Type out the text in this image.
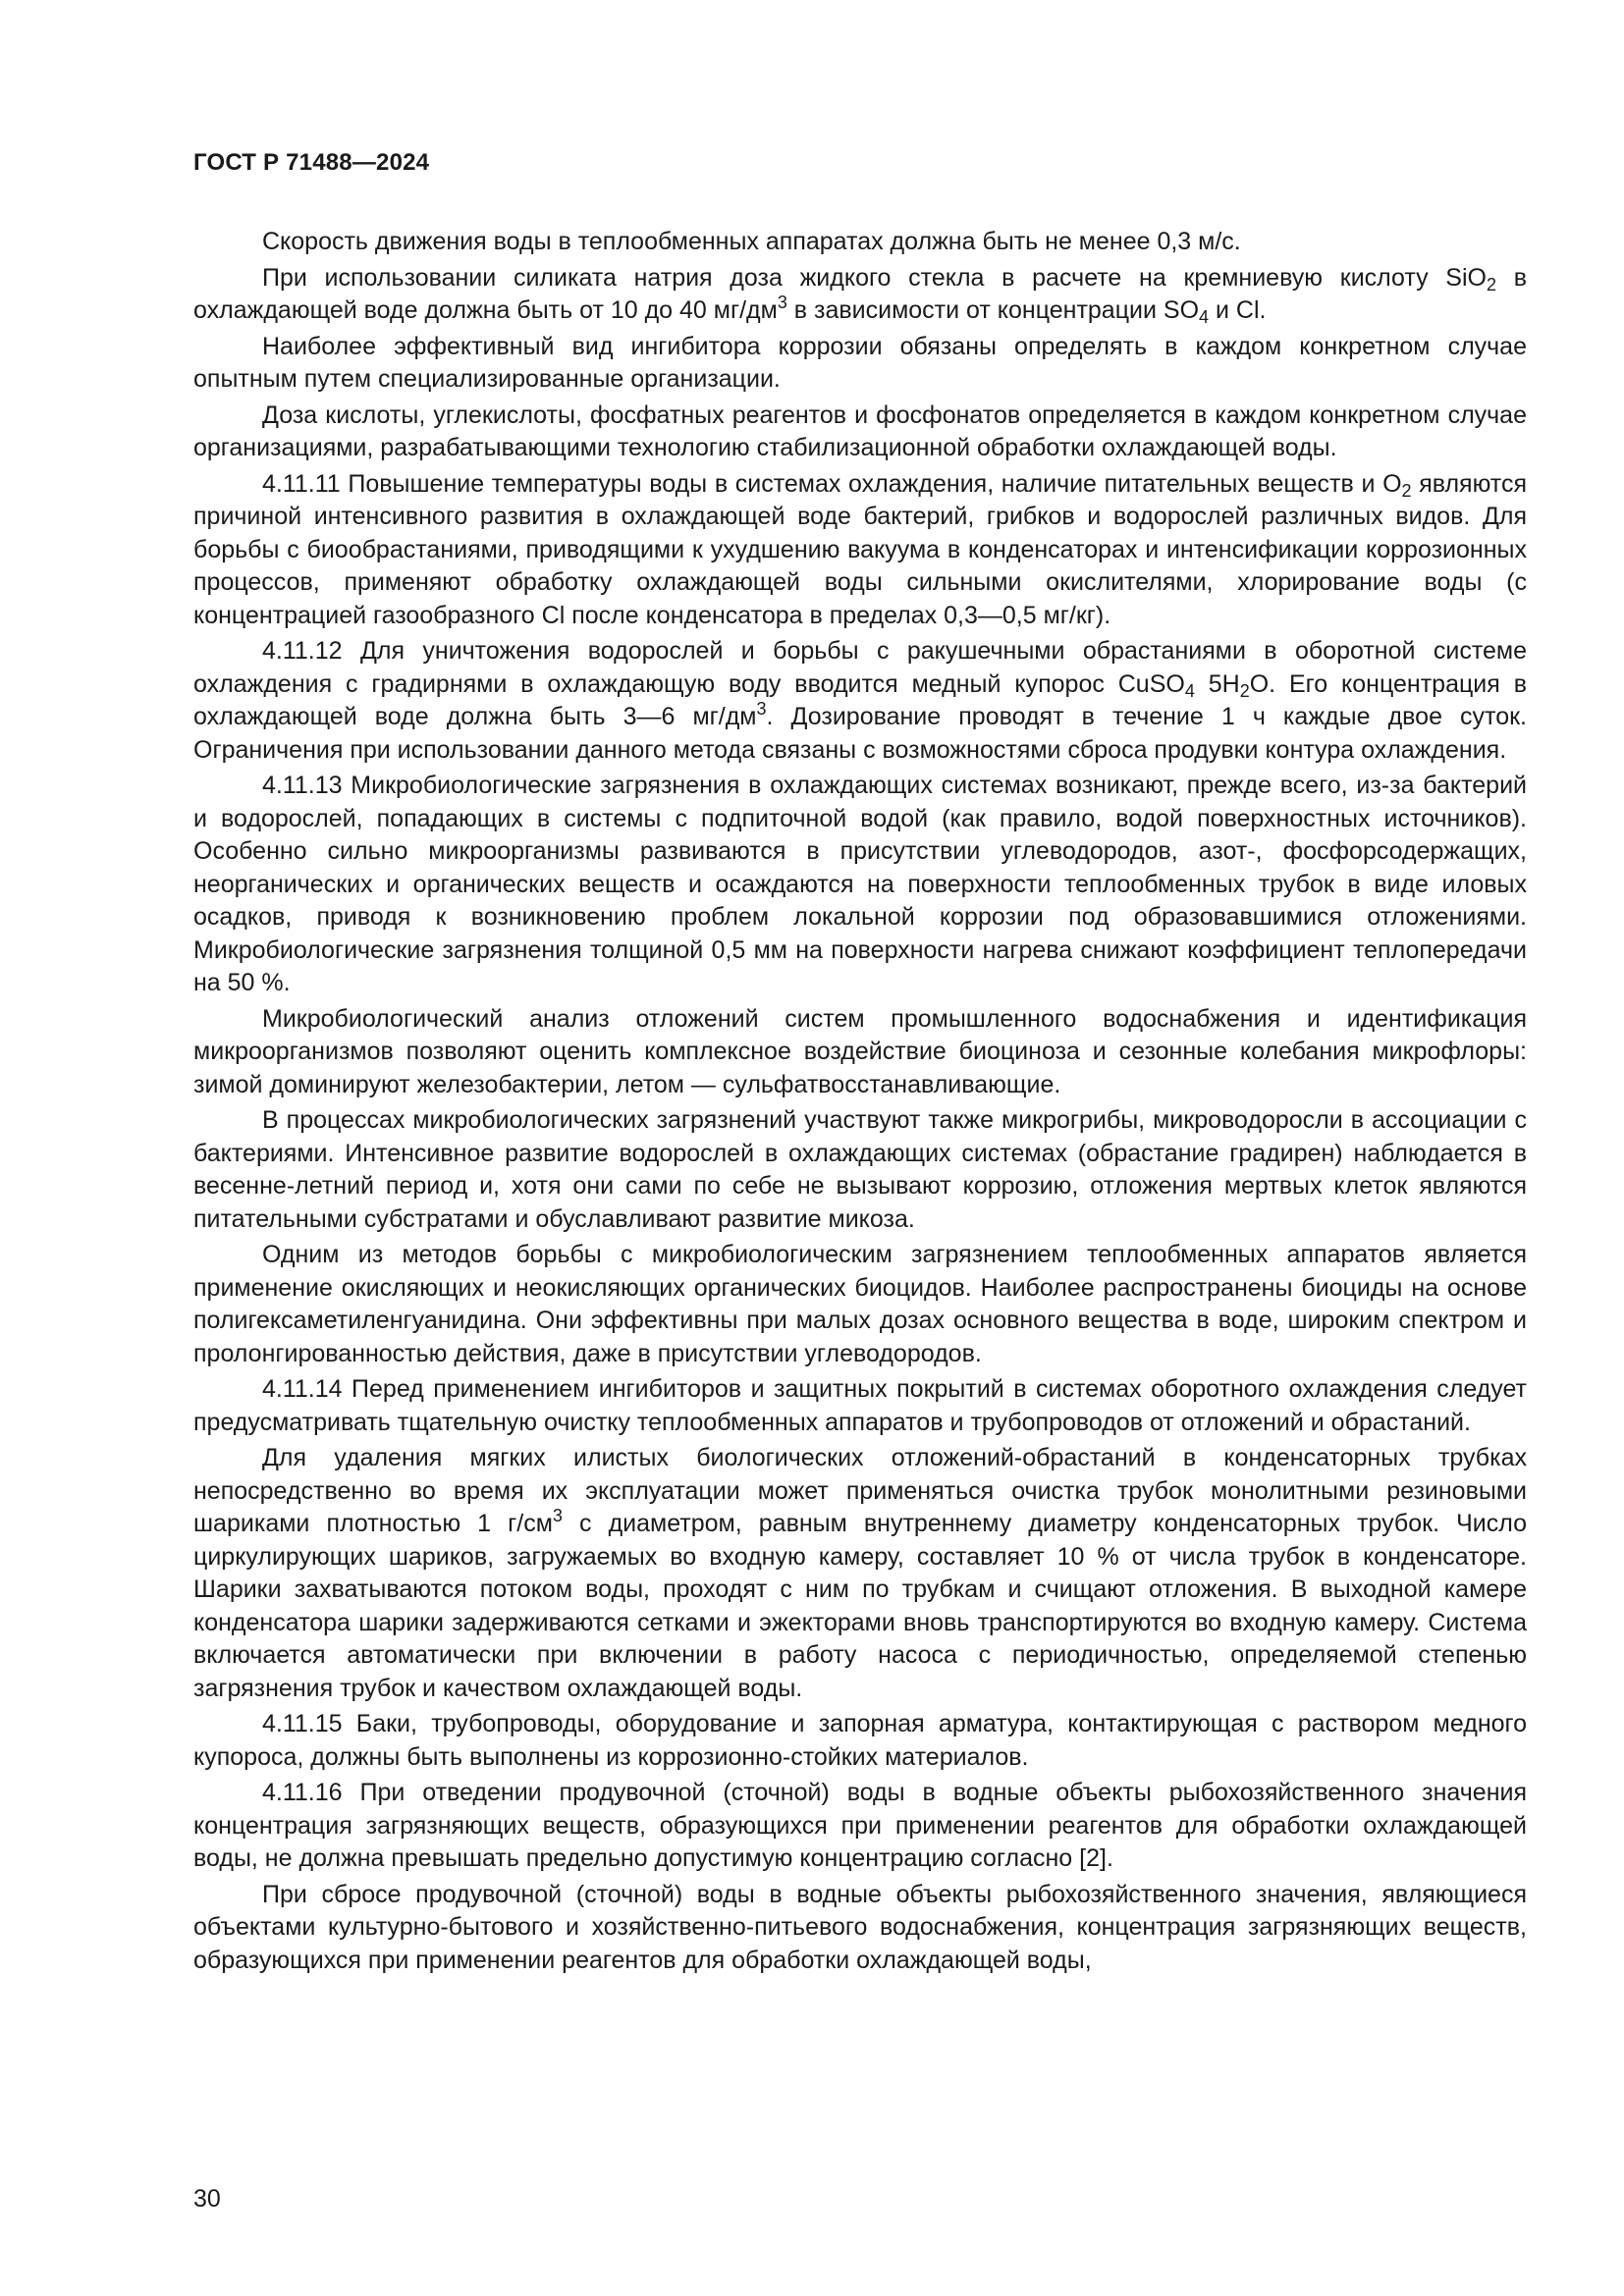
ГОСТ Р 71488—2024

Скорость движения воды в теплообменных аппаратах должна быть не менее 0,3 м/с.

При использовании силиката натрия доза жидкого стекла в расчете на кремниевую кислоту SiO$_2$ в охлаждающей воде должна быть от 10 до 40 $мг/дм^3$ в зависимости от концентрации $SO_4$ и Cl.

Наиболее эффективный вид ингибитора коррозии обязаны определять в каждом конкретном случае опытным путем специализированные организации.

Доза кислоты, углекислоты, фосфатных реагентов и фосфонатов определяется в каждом конкретном случае организациями, разрабатывающими технологию стабилизационной обработки охлаждающей воды.

4.11.11 Повышение температуры воды в системах охлаждения, наличие питательных веществ и $O_2$ являются причиной интенсивного развития в охлаждающей воде бактерий, грибков и водорослей различных видов. Для борьбы с биообрастаниями, приводящими к ухудшению вакуума в конденсаторах и интенсификации коррозионных процессов, применяют обработку охлаждающей воды сильными окислителями, хлорирование воды (с концентрацией газообразного Cl после конденсатора в пределах 0,3—0,5 мг/кг).

4.11.12 Для уничтожения водорослей и борьбы с ракушечными обрастаниями в оборотной системе охлаждения с градирнями в охлаждающую воду вводится медный купорос CuSO$_4$ $5H_2O$. Его концентрация в охлаждающей воде должна быть 3—6 $мг/дм^3$. Дозирование проводят в течение 1 ч каждые двое суток. Ограничения при использовании данного метода связаны с возможностями сброса продувки контура охлаждения.

4.11.13 Микробиологические загрязнения в охлаждающих системах возникают, прежде всего, из-за бактерий и водорослей, попадающих в системы с подпиточной водой (как правило, водой поверхностных источников). Особенно сильно микроорганизмы развиваются в присутствии углеводородов, азот-, фосфорсодержащих, неорганических и органических веществ и осаждаются на поверхности теплообменных трубок в виде иловых осадков, приводя к возникновению проблем локальной коррозии под образовавшимися отложениями. Микробиологические загрязнения толщиной 0,5 мм на поверхности нагрева снижают коэффициент теплопередачи на 50 %.

Микробиологический анализ отложений систем промышленного водоснабжения и идентификация микроорганизмов позволяют оценить комплексное воздействие биоциноза и сезонные колебания микрофлоры: зимой доминируют железобактерии, летом — сульфатвосстанавливающие.

В процессах микробиологических загрязнений участвуют также микрогрибы, микроводоросли в ассоциации с бактериями. Интенсивное развитие водорослей в охлаждающих системах (обрастание градирен) наблюдается в весенне-летний период и, хотя они сами по себе не вызывают коррозию, отложения мертвых клеток являются питательными субстратами и обуславливают развитие микоза.

Одним из методов борьбы с микробиологическим загрязнением теплообменных аппаратов является применение окисляющих и неокисляющих органических биоцидов. Наиболее распространены биоциды на основе полигексаметиленгуанидина. Они эффективны при малых дозах основного вещества в воде, широким спектром и пролонгированностью действия, даже в присутствии углеводородов.

4.11.14 Перед применением ингибиторов и защитных покрытий в системах оборотного охлаждения следует предусматривать тщательную очистку теплообменных аппаратов и трубопроводов от отложений и обрастаний.

Для удаления мягких илистых биологических отложений-обрастаний в конденсаторных трубках непосредственно во время их эксплуатации может применяться очистка трубок монолитными резиновыми шариками плотностью 1 $г/см^3$ с диаметром, равным внутреннему диаметру конденсаторных трубок. Число циркулирующих шариков, загружаемых во входную камеру, составляет 10 % от числа трубок в конденсаторе. Шарики захватываются потоком воды, проходят с ним по трубкам и счищают отложения. В выходной камере конденсатора шарики задерживаются сетками и эжекторами вновь транспортируются во входную камеру. Система включается автоматически при включении в работу насоса с периодичностью, определяемой степенью загрязнения трубок и качеством охлаждающей воды.

4.11.15 Баки, трубопроводы, оборудование и запорная арматура, контактирующая с раствором медного купороса, должны быть выполнены из коррозионно-стойких материалов.

4.11.16 При отведении продувочной (сточной) воды в водные объекты рыбохозяйственного значения концентрация загрязняющих веществ, образующихся при применении реагентов для обработки охлаждающей воды, не должна превышать предельно допустимую концентрацию согласно [2].

При сбросе продувочной (сточной) воды в водные объекты рыбохозяйственного значения, являющиеся объектами культурно-бытового и хозяйственно-питьевого водоснабжения, концентрация загрязняющих веществ, образующихся при применении реагентов для обработки охлаждающей воды,

30
